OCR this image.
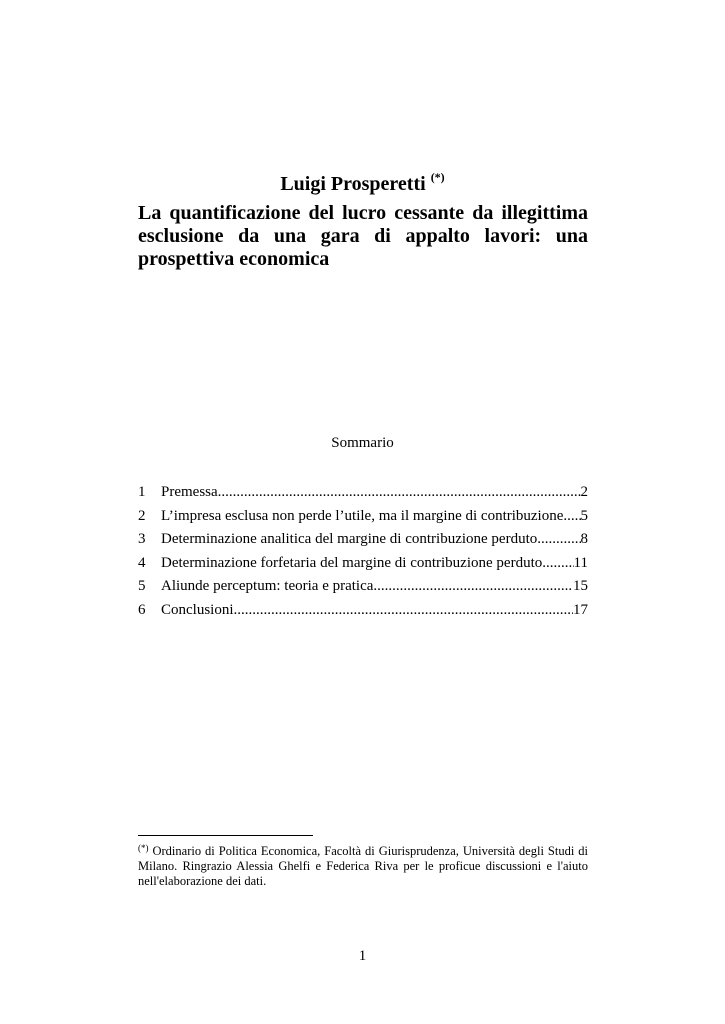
Luigi Prosperetti (*)
La quantificazione del lucro cessante da illegittima
esclusione da una gara di appalto lavori: una
prospettiva economica
Sommario
1	Premessa .....	2
2	L’impresa esclusa non perde l’utile, ma il margine di contribuzione ..... 5
3	Determinazione analitica del margine di contribuzione perduto .....	8
4	Determinazione forfetaria del margine di contribuzione perduto ..... 11
5	Aliunde perceptum: teoria e pratica .....	15
6	Conclusioni .....	17
(*) Ordinario di Politica Economica, Facoltà di Giurisprudenza, Università degli Studi di
Milano. Ringrazio Alessia Ghelfi e Federica Riva per le proficue discussioni e l'aiuto
nell'elaborazione dei dati.
1
